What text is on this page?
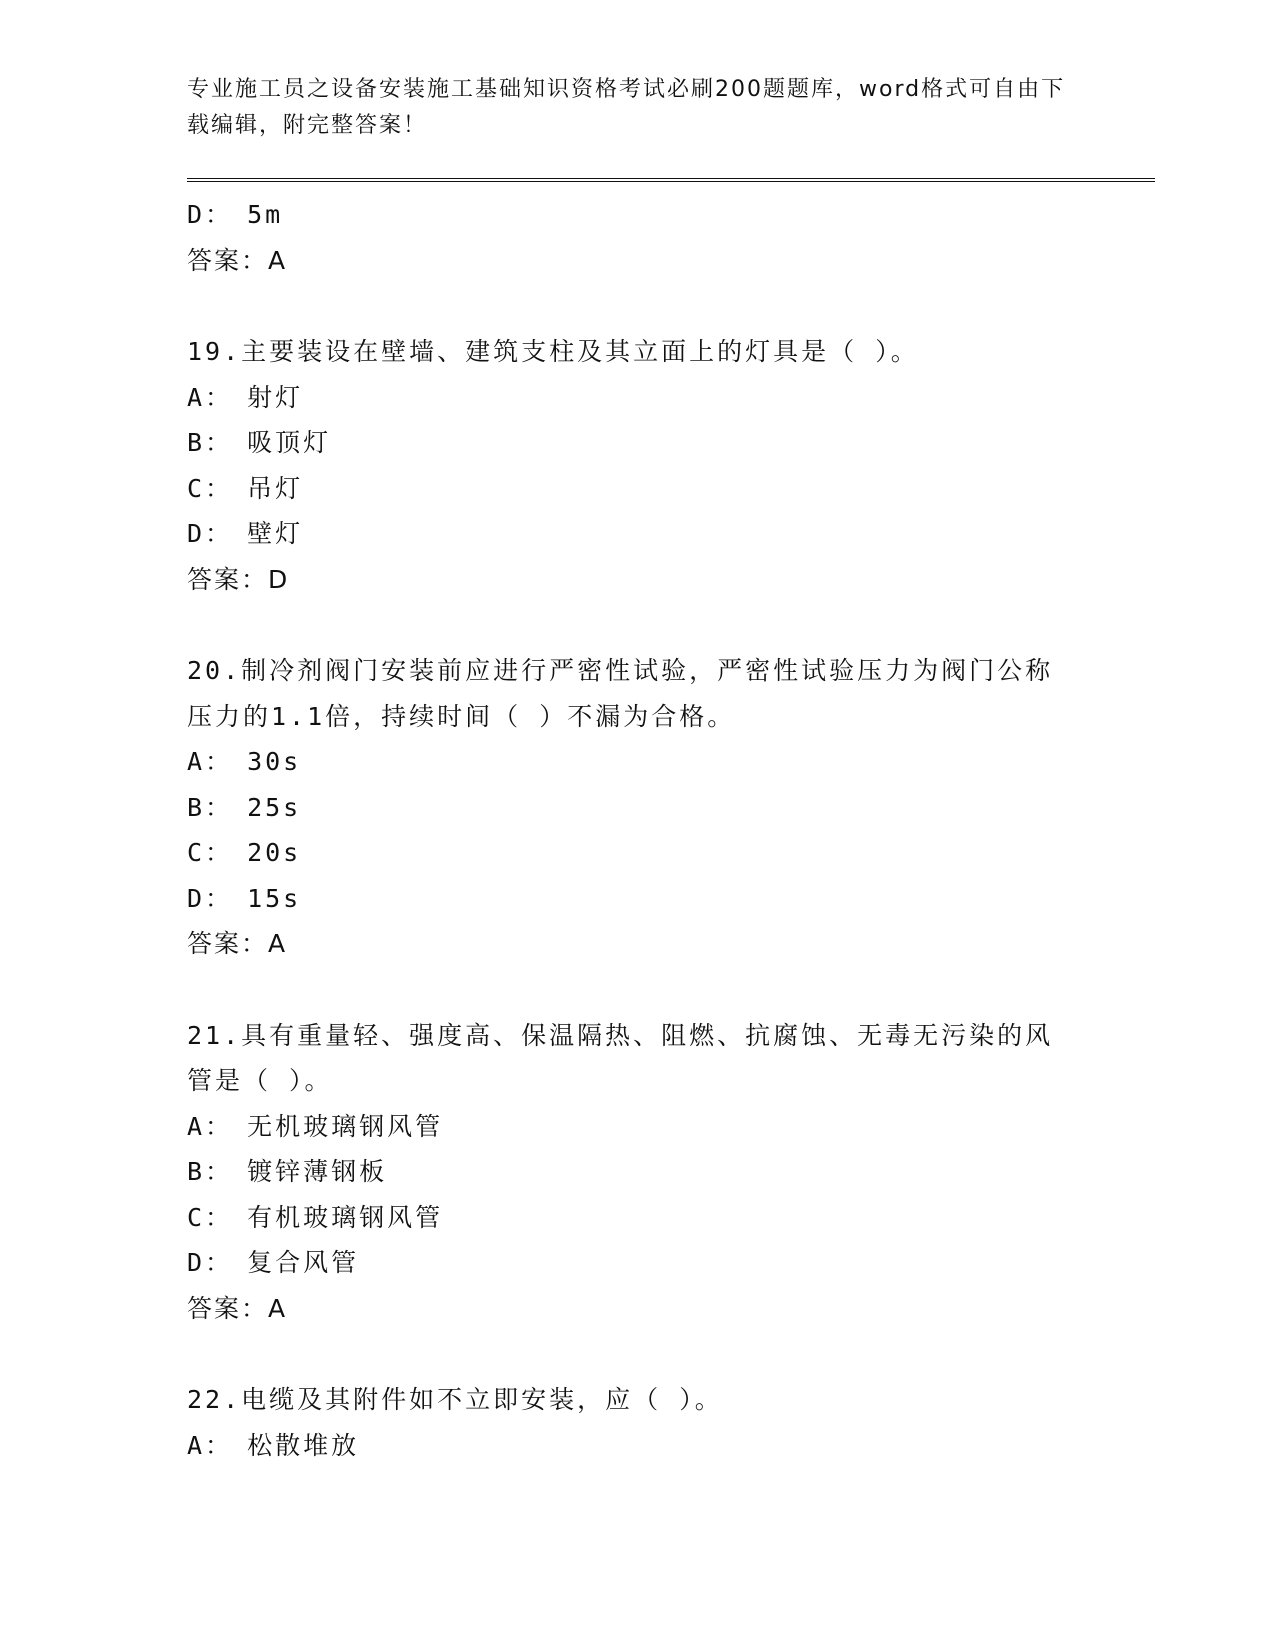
专业施工员之设备安装施工基础知识资格考试必刷200题题库，word格式可自由下载编辑，附完整答案！
D： 5m
答案：A
19.主要装设在壁墙、建筑支柱及其立面上的灯具是（ ）。
A： 射灯
B： 吸顶灯
C： 吊灯
D： 壁灯
答案：D
20.制冷剂阀门安装前应进行严密性试验，严密性试验压力为阀门公称
压力的1.1倍，持续时间（ ）不漏为合格。
A： 30s
B： 25s
C： 20s
D： 15s
答案：A
21.具有重量轻、强度高、保温隔热、阻燃、抗腐蚀、无毒无污染的风
管是（ ）。
A： 无机玻璃钢风管
B： 镀锌薄钢板
C： 有机玻璃钢风管
D： 复合风管
答案：A
22.电缆及其附件如不立即安装，应（ ）。
A： 松散堆放
